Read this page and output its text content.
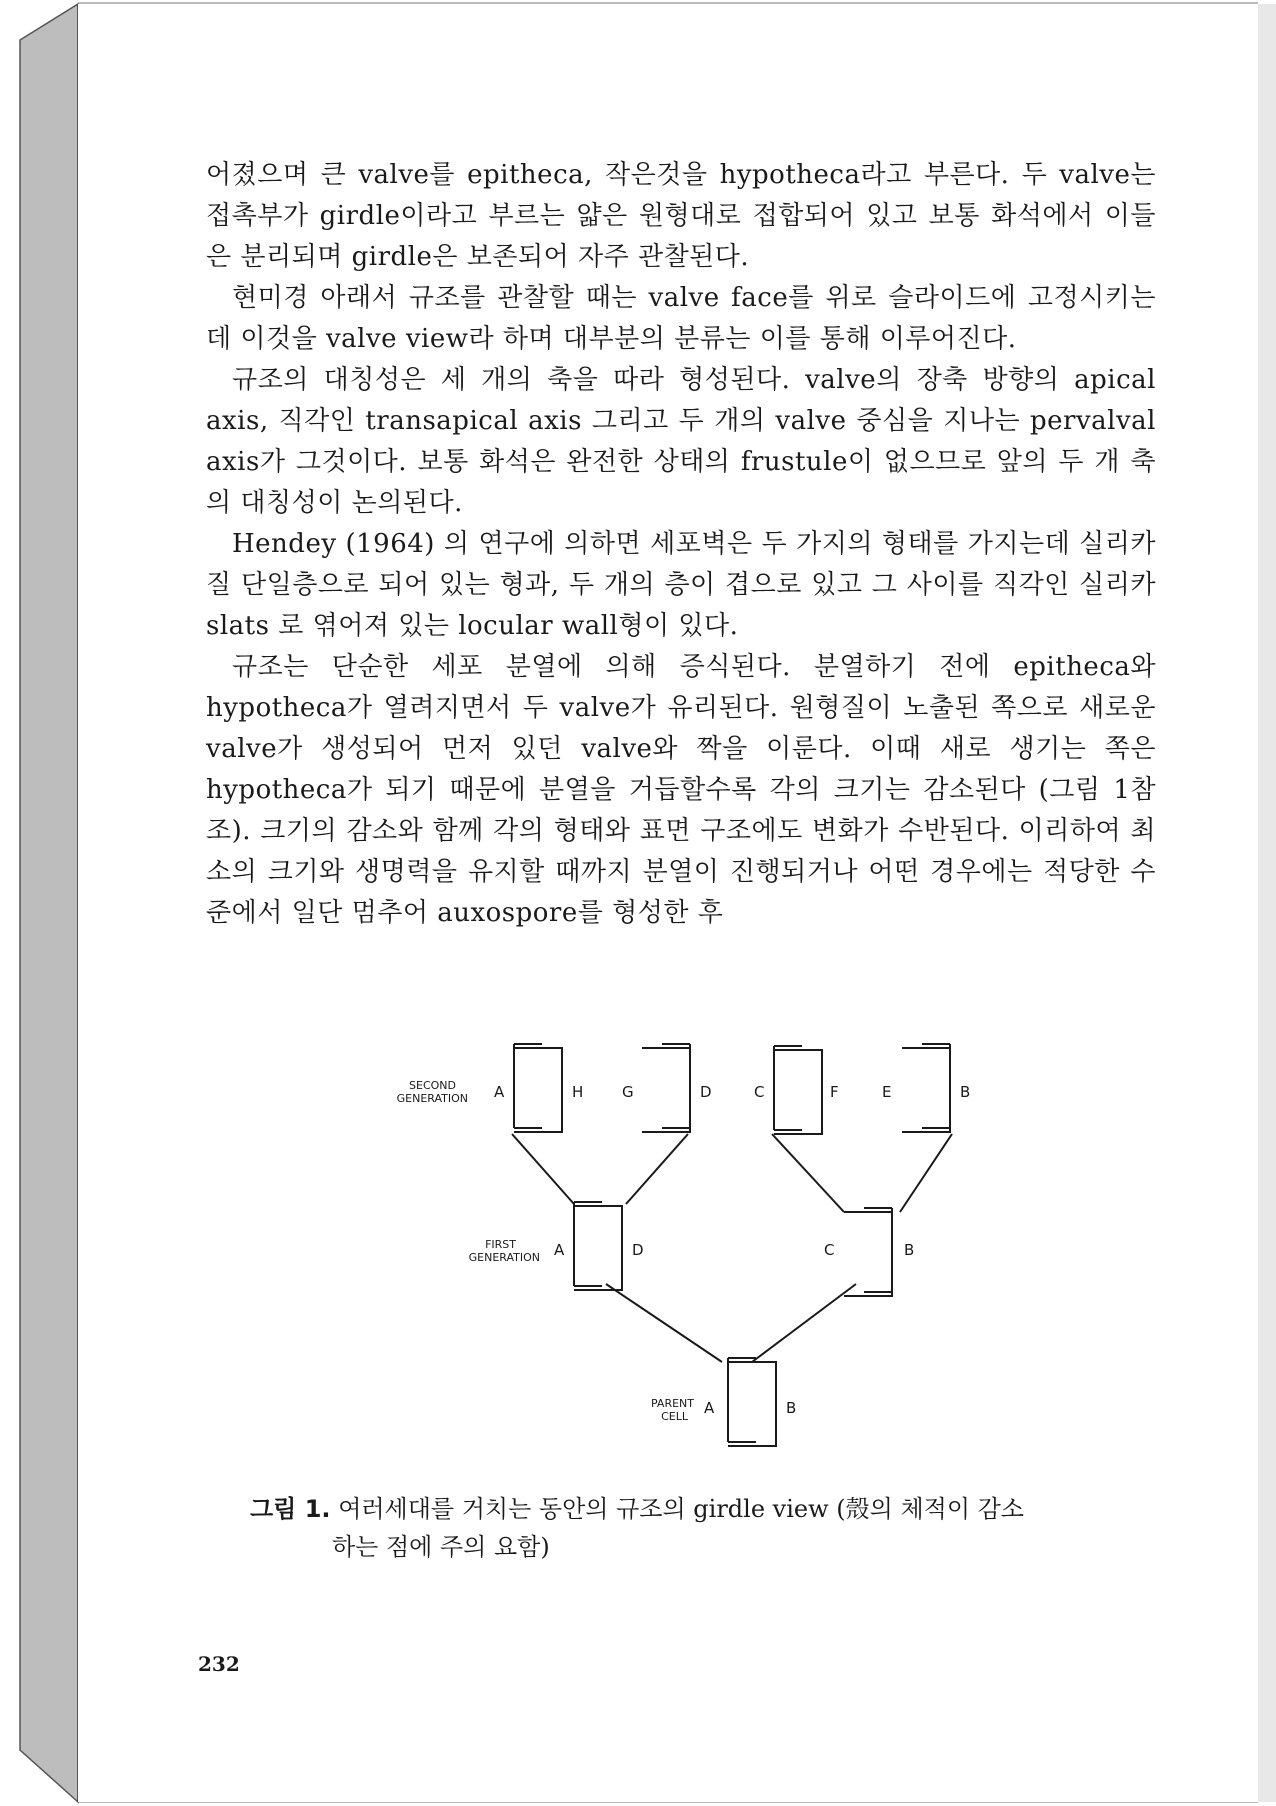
어졌으며 큰 valve를 epitheca, 작은것을 hypotheca라고 부른다. 두 valve는 접촉부가 girdle이라고 부르는 얇은 원형대로 접합되어 있고 보통 화석에서 이들은 분리되며 girdle은 보존되어 자주 관찰된다.

현미경 아래서 규조를 관찰할 때는 valve face를 위로 슬라이드에 고정시키는데 이것을 valve view라 하며 대부분의 분류는 이를 통해 이루어진다.

규조의 대칭성은 세 개의 축을 따라 형성된다. valve의 장축 방향의 apical axis, 직각인 transapical axis 그리고 두 개의 valve 중심을 지나는 pervalval axis가 그것이다. 보통 화석은 완전한 상태의 frustule이 없으므로 앞의 두 개 축의 대칭성이 논의된다.

Hendey (1964) 의 연구에 의하면 세포벽은 두 가지의 형태를 가지는데 실리카질 단일층으로 되어 있는 형과, 두 개의 층이 겹으로 있고 그 사이를 직각인 실리카 slats 로 엮어져 있는 locular wall형이 있다.

규조는 단순한 세포 분열에 의해 증식된다. 분열하기 전에 epitheca와 hypotheca가 열려지면서 두 valve가 유리된다. 원형질이 노출된 쪽으로 새로운 valve가 생성되어 먼저 있던 valve와 짝을 이룬다. 이때 새로 생기는 쪽은 hypotheca가 되기 때문에 분열을 거듭할수록 각의 크기는 감소된다 (그림 1참조). 크기의 감소와 함께 각의 형태와 표면 구조에도 변화가 수반된다. 이리하여 최소의 크기와 생명력을 유지할 때까지 분열이 진행되거나 어떤 경우에는 적당한 수준에서 일단 멈추어 auxospore를 형성한 후

SECOND
GENERATION
FIRST
GENERATION
PARENT
CELL
A	H	G	D	C	F	E	B
A	D	C	B
A	B
그림 1. 여러세대를 거치는 동안의 규조의 girdle view (殼의 체적이 감소
하는 점에 주의 요함)
232
